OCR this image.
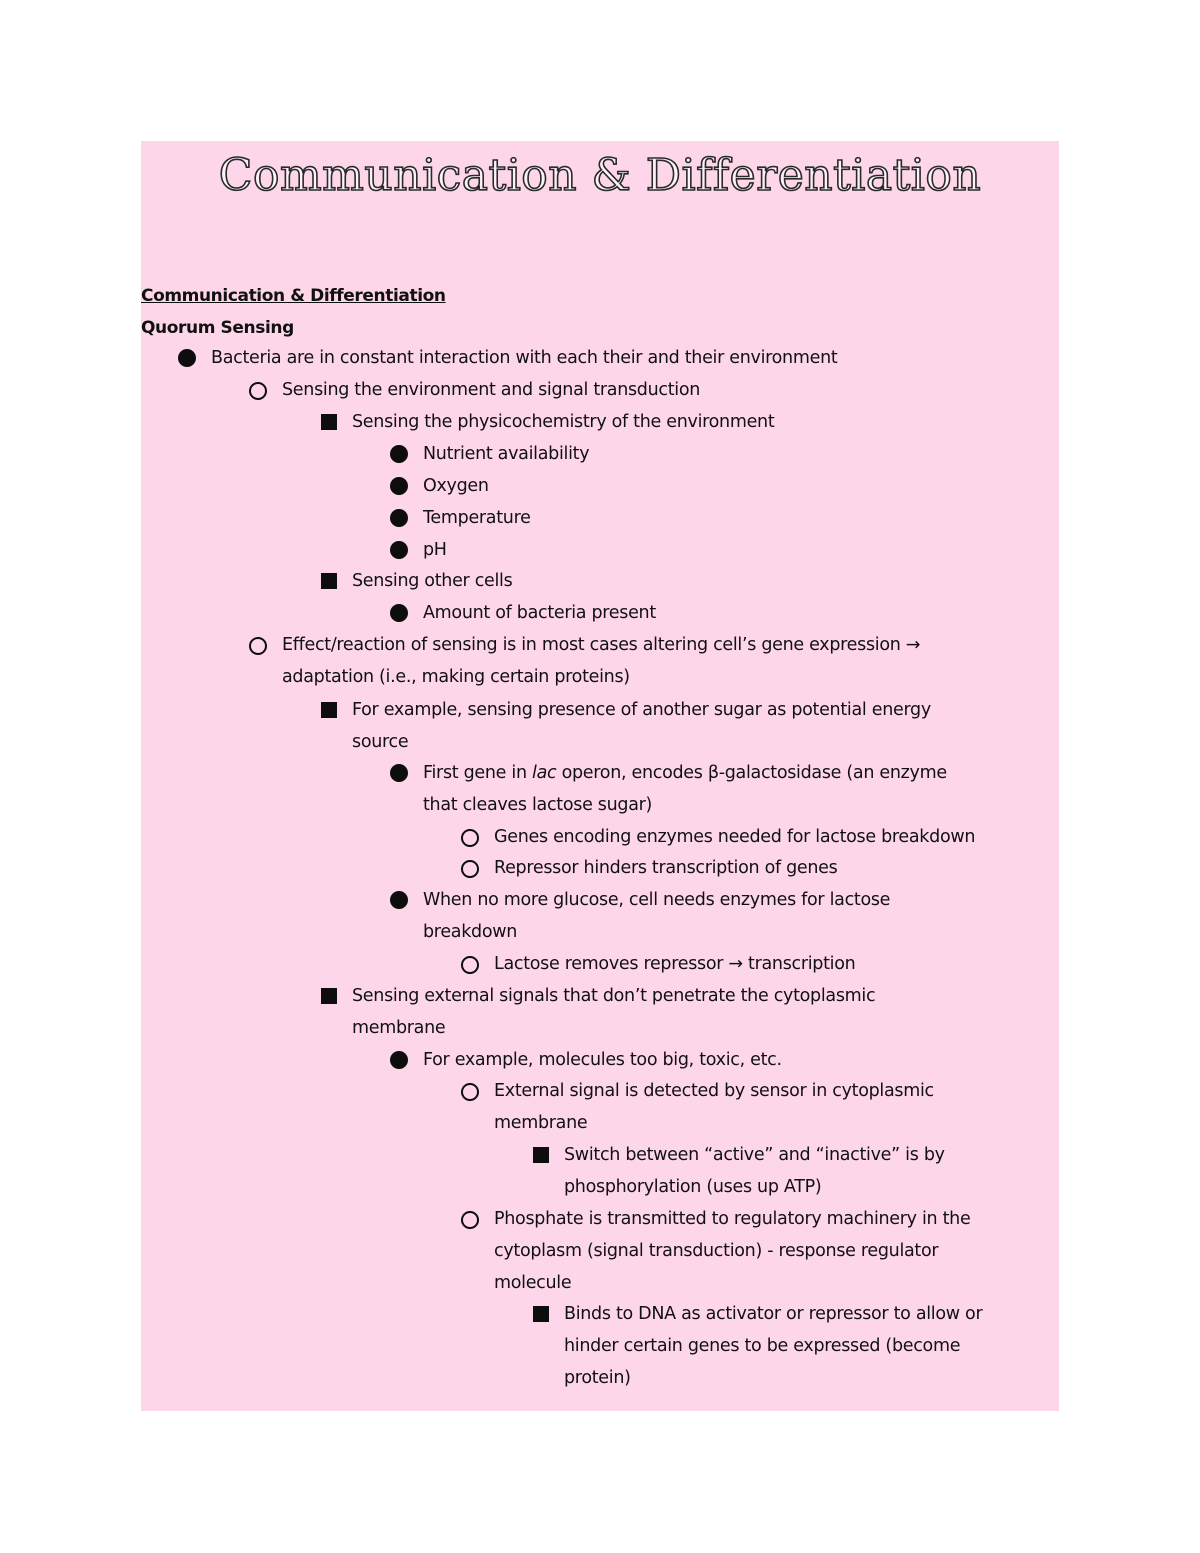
Communication & Differentiation
Communication & Differentiation
Quorum Sensing
Bacteria are in constant interaction with each their and their environment
Sensing the environment and signal transduction
Sensing the physicochemistry of the environment
Nutrient availability
Oxygen
Temperature
pH
Sensing other cells
Amount of bacteria present
Effect/reaction of sensing is in most cases altering cell’s gene expression →
adaptation (i.e., making certain proteins)
For example, sensing presence of another sugar as potential energy
source
First gene in lac operon, encodes β-galactosidase (an enzyme
that cleaves lactose sugar)
Genes encoding enzymes needed for lactose breakdown
Repressor hinders transcription of genes
When no more glucose, cell needs enzymes for lactose
breakdown
Lactose removes repressor → transcription
Sensing external signals that don’t penetrate the cytoplasmic
membrane
For example, molecules too big, toxic, etc.
External signal is detected by sensor in cytoplasmic
membrane
Switch between “active” and “inactive” is by
phosphorylation (uses up ATP)
Phosphate is transmitted to regulatory machinery in the
cytoplasm (signal transduction) - response regulator
molecule
Binds to DNA as activator or repressor to allow or
hinder certain genes to be expressed (become
protein)
